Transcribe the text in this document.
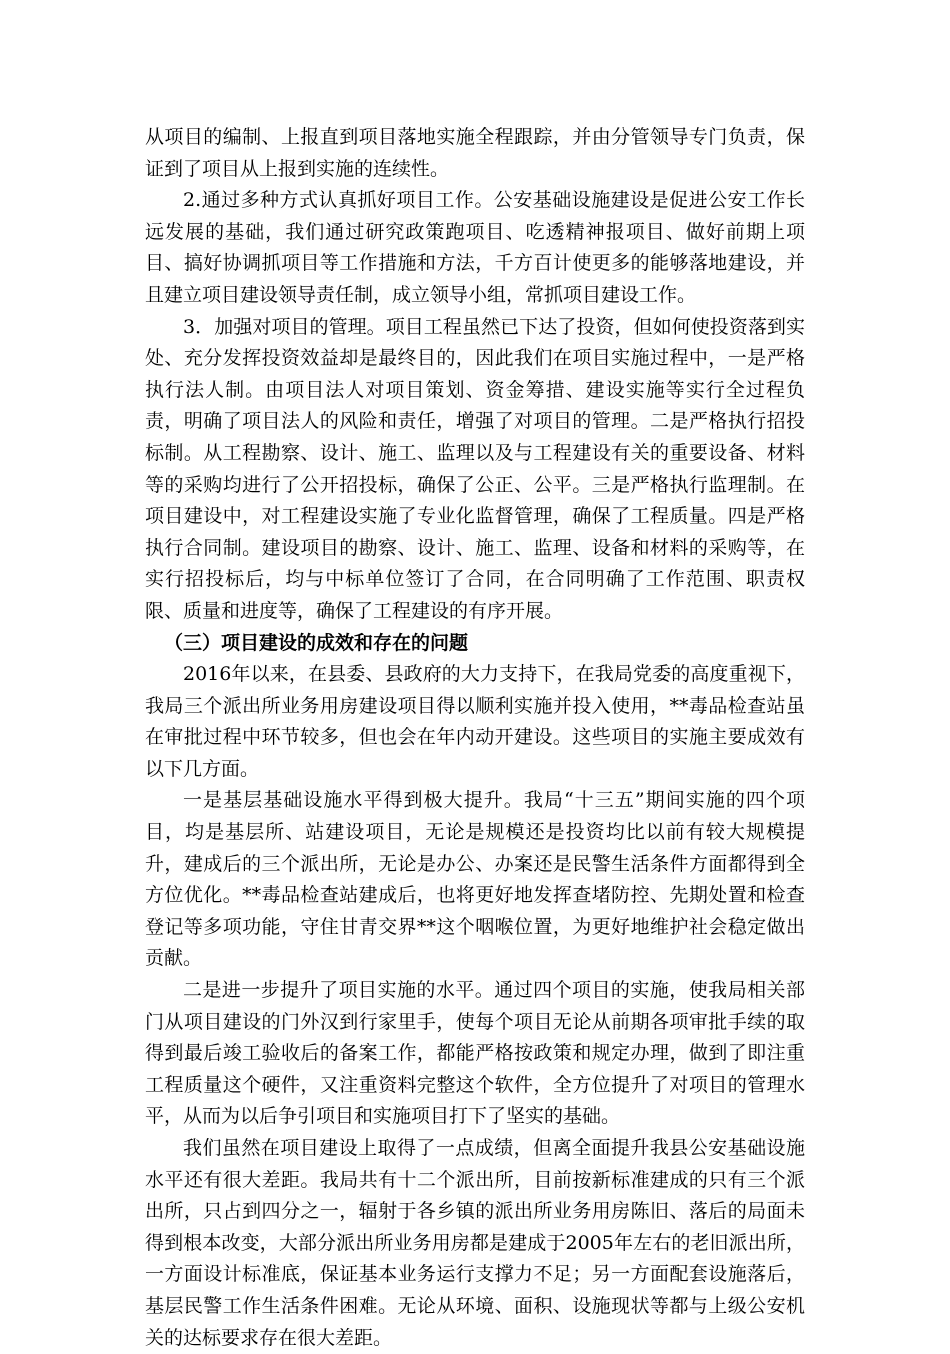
从项目的编制、上报直到项目落地实施全程跟踪，并由分管领导专门负责，保证到了项目从上报到实施的连续性。

2.通过多种方式认真抓好项目工作。公安基础设施建设是促进公安工作长远发展的基础，我们通过研究政策跑项目、吃透精神报项目、做好前期上项目、搞好协调抓项目等工作措施和方法，千方百计使更多的能够落地建设，并且建立项目建设领导责任制，成立领导小组，常抓项目建设工作。

3．加强对项目的管理。项目工程虽然已下达了投资，但如何使投资落到实处、充分发挥投资效益却是最终目的，因此我们在项目实施过程中，一是严格执行法人制。由项目法人对项目策划、资金筹措、建设实施等实行全过程负责，明确了项目法人的风险和责任，增强了对项目的管理。二是严格执行招投标制。从工程勘察、设计、施工、监理以及与工程建设有关的重要设备、材料等的采购均进行了公开招投标，确保了公正、公平。三是严格执行监理制。在项目建设中，对工程建设实施了专业化监督管理，确保了工程质量。四是严格执行合同制。建设项目的勘察、设计、施工、监理、设备和材料的采购等，在实行招投标后，均与中标单位签订了合同，在合同明确了工作范围、职责权限、质量和进度等，确保了工程建设的有序开展。

（三）项目建设的成效和存在的问题

2016年以来，在县委、县政府的大力支持下，在我局党委的高度重视下，我局三个派出所业务用房建设项目得以顺利实施并投入使用，**毒品检查站虽在审批过程中环节较多，但也会在年内动开建设。这些项目的实施主要成效有以下几方面。

一是基层基础设施水平得到极大提升。我局“十三五”期间实施的四个项目，均是基层所、站建设项目，无论是规模还是投资均比以前有较大规模提升，建成后的三个派出所，无论是办公、办案还是民警生活条件方面都得到全方位优化。**毒品检查站建成后，也将更好地发挥查堵防控、先期处置和检查登记等多项功能，守住甘青交界**这个咽喉位置，为更好地维护社会稳定做出贡献。

二是进一步提升了项目实施的水平。通过四个项目的实施，使我局相关部门从项目建设的门外汉到行家里手，使每个项目无论从前期各项审批手续的取得到最后竣工验收后的备案工作，都能严格按政策和规定办理，做到了即注重工程质量这个硬件，又注重资料完整这个软件，全方位提升了对项目的管理水平，从而为以后争引项目和实施项目打下了坚实的基础。

我们虽然在项目建设上取得了一点成绩，但离全面提升我县公安基础设施水平还有很大差距。我局共有十二个派出所，目前按新标准建成的只有三个派出所，只占到四分之一，辐射于各乡镇的派出所业务用房陈旧、落后的局面未得到根本改变，大部分派出所业务用房都是建成于2005年左右的老旧派出所，一方面设计标准底，保证基本业务运行支撑力不足；另一方面配套设施落后，基层民警工作生活条件困难。无论从环境、面积、设施现状等都与上级公安机关的达标要求存在很大差距。
